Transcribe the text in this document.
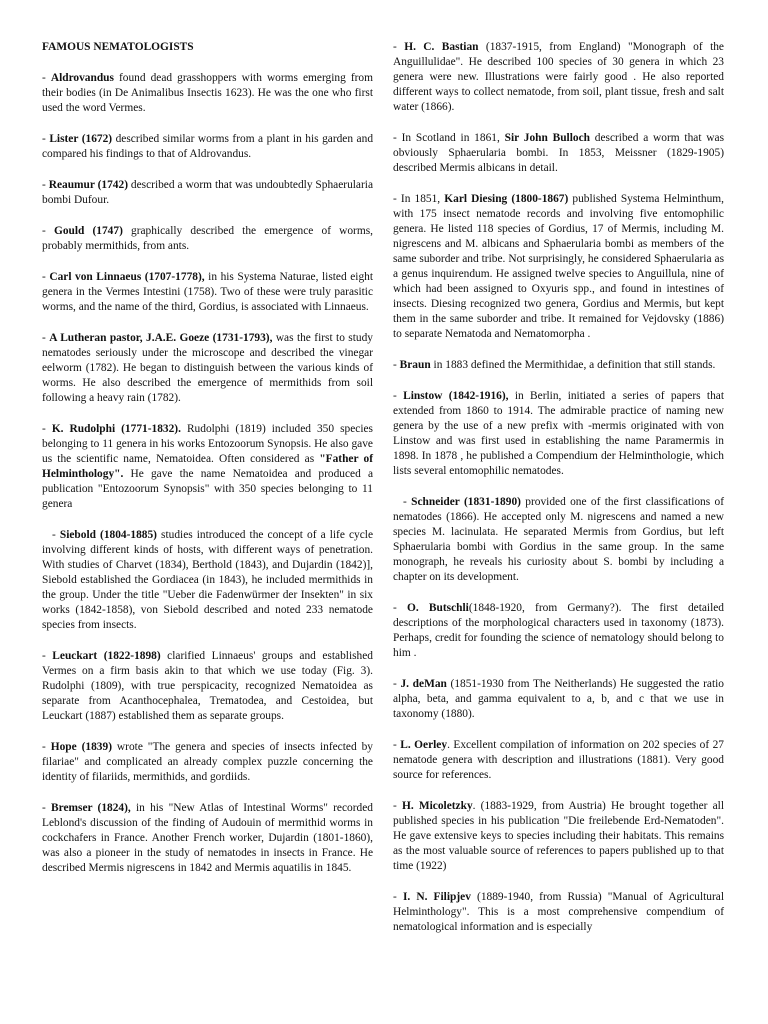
FAMOUS NEMATOLOGISTS

- Aldrovandus found dead grasshoppers with worms emerging from their bodies (in De Animalibus Insectis 1623). He was the one who first used the word Vermes.

- Lister (1672) described similar worms from a plant in his garden and compared his findings to that of Aldrovandus.

- Reaumur (1742) described a worm that was undoubtedly Sphaerularia bombi Dufour.

- Gould (1747) graphically described the emergence of worms, probably mermithids, from ants.

- Carl von Linnaeus (1707-1778), in his Systema Naturae, listed eight genera in the Vermes Intestini (1758). Two of these were truly parasitic worms, and the name of the third, Gordius, is associated with Linnaeus.

- A Lutheran pastor, J.A.E. Goeze (1731-1793), was the first to study nematodes seriously under the microscope and described the vinegar eelworm (1782). He began to distinguish between the various kinds of worms. He also described the emergence of mermithids from soil following a heavy rain (1782).

- K. Rudolphi (1771-1832). Rudolphi (1819) included 350 species belonging to 11 genera in his works Entozoorum Synopsis. He also gave us the scientific name, Nematoidea. Often considered as "Father of Helminthology". He gave the name Nematoidea and produced a publication "Entozoorum Synopsis" with 350 species belonging to 11 genera

- Siebold (1804-1885) studies introduced the concept of a life cycle involving different kinds of hosts, with different ways of penetration. With studies of Charvet (1834), Berthold (1843), and Dujardin (1842)], Siebold established the Gordiacea (in 1843), he included mermithids in the group. Under the title "Ueber die Fadenwürmer der Insekten" in six works (1842-1858), von Siebold described and noted 233 nematode species from insects.

- Leuckart (1822-1898) clarified Linnaeus' groups and established Vermes on a firm basis akin to that which we use today (Fig. 3). Rudolphi (1809), with true perspicacity, recognized Nematoidea as separate from Acanthocephalea, Trematodea, and Cestoidea, but Leuckart (1887) established them as separate groups.

- Hope (1839) wrote "The genera and species of insects infected by filariae" and complicated an already complex puzzle concerning the identity of filariids, mermithids, and gordiids.

- Bremser (1824), in his "New Atlas of Intestinal Worms" recorded Leblond's discussion of the finding of Audouin of mermithid worms in cockchafers in France. Another French worker, Dujardin (1801-1860), was also a pioneer in the study of nematodes in insects in France. He described Mermis nigrescens in 1842 and Mermis aquatilis in 1845.

- H. C. Bastian (1837-1915, from England) "Monograph of the Anguillulidae". He described 100 species of 30 genera in which 23 genera were new. Illustrations were fairly good . He also reported different ways to collect nematode, from soil, plant tissue, fresh and salt water (1866).

- In Scotland in 1861, Sir John Bulloch described a worm that was obviously Sphaerularia bombi. In 1853, Meissner (1829-1905) described Mermis albicans in detail.

- In 1851, Karl Diesing (1800-1867) published Systema Helminthum, with 175 insect nematode records and involving five entomophilic genera. He listed 118 species of Gordius, 17 of Mermis, including M. nigrescens and M. albicans and Sphaerularia bombi as members of the same suborder and tribe. Not surprisingly, he considered Sphaerularia as a genus inquirendum. He assigned twelve species to Anguillula, nine of which had been assigned to Oxyuris spp., and found in intestines of insects. Diesing recognized two genera, Gordius and Mermis, but kept them in the same suborder and tribe. It remained for Vejdovsky (1886) to separate Nematoda and Nematomorpha .

- Braun in 1883 defined the Mermithidae, a definition that still stands.

- Linstow (1842-1916), in Berlin, initiated a series of papers that extended from 1860 to 1914. The admirable practice of naming new genera by the use of a new prefix with -mermis originated with von Linstow and was first used in establishing the name Paramermis in 1898. In 1878 , he published a Compendium der Helminthologie, which lists several entomophilic nematodes.

- Schneider (1831-1890) provided one of the first classifications of nematodes (1866). He accepted only M. nigrescens and named a new species M. lacinulata. He separated Mermis from Gordius, but left Sphaerularia bombi with Gordius in the same group. In the same monograph, he reveals his curiosity about S. bombi by including a chapter on its development.

- O. Butschli(1848-1920, from Germany?). The first detailed descriptions of the morphological characters used in taxonomy (1873). Perhaps, credit for founding the science of nematology should belong to him .

- J. deMan (1851-1930 from The Neitherlands) He suggested the ratio alpha, beta, and gamma equivalent to a, b, and c that we use in taxonomy (1880).

- L. Oerley. Excellent compilation of information on 202 species of 27 nematode genera with description and illustrations (1881). Very good source for references.

- H. Micoletzky. (1883-1929, from Austria) He brought together all published species in his publication "Die freilebende Erd-Nematoden". He gave extensive keys to species including their habitats. This remains as the most valuable source of references to papers published up to that time (1922)

- I. N. Filipjev (1889-1940, from Russia) "Manual of Agricultural Helminthology". This is a most comprehensive compendium of nematological information and is especially
